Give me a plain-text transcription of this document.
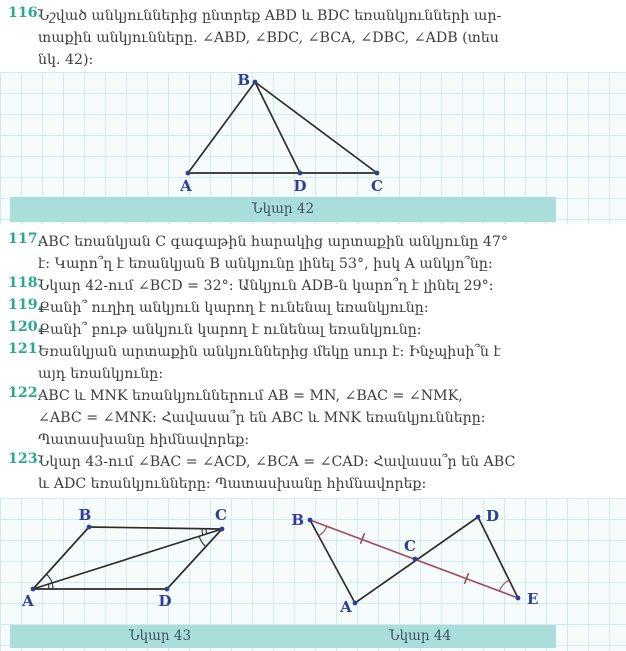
116.
Նշված անկյուններից ընտրեք ABD և BDC եռանկյունների ար-
տաքին անկյունները. ∠ABD, ∠BDC, ∠BCA, ∠DBC, ∠ADB (տես
նկ. 42)։
B
A	D	C
Նկար 42
117.
ABC եռանկյան C գագաթին հարակից արտաքին անկյունը 47°
է։ Կարո՞ղ է եռանկյան B անկյունը լինել 53°, իսկ A անկյո՞նը։
118.
Նկար 42-ում ∠BCD = 32°։ Անկյուն ADB-ն կարո՞ղ է լինել 29°։
119.
Քանի՞ ուղիղ անկյուն կարող է ունենալ եռանկյունը։
120.
Քանի՞ բութ անկյուն կարող է ունենալ եռանկյունը։
121.
Եռանկյան արտաքին անկյուններից մեկը սուր է։ Ինչպիսի՞ն է
այդ եռանկյունը։
122.
ABC և MNK եռանկյուններում AB = MN, ∠BAC = ∠NMK,
∠ABC = ∠MNK։ Հավասա՞ր են ABC և MNK եռանկյունները։
Պատասխանը հիմնավորեք։
123.
Նկար 43-ում ∠BAC = ∠ACD, ∠BCA = ∠CAD։ Հավասա՞ր են ABC
և ADC եռանկյունները։ Պատասխանը հիմնավորեք։
A
B	C
D
B
A
C
D
E
Նկար 43	Նկար 44
